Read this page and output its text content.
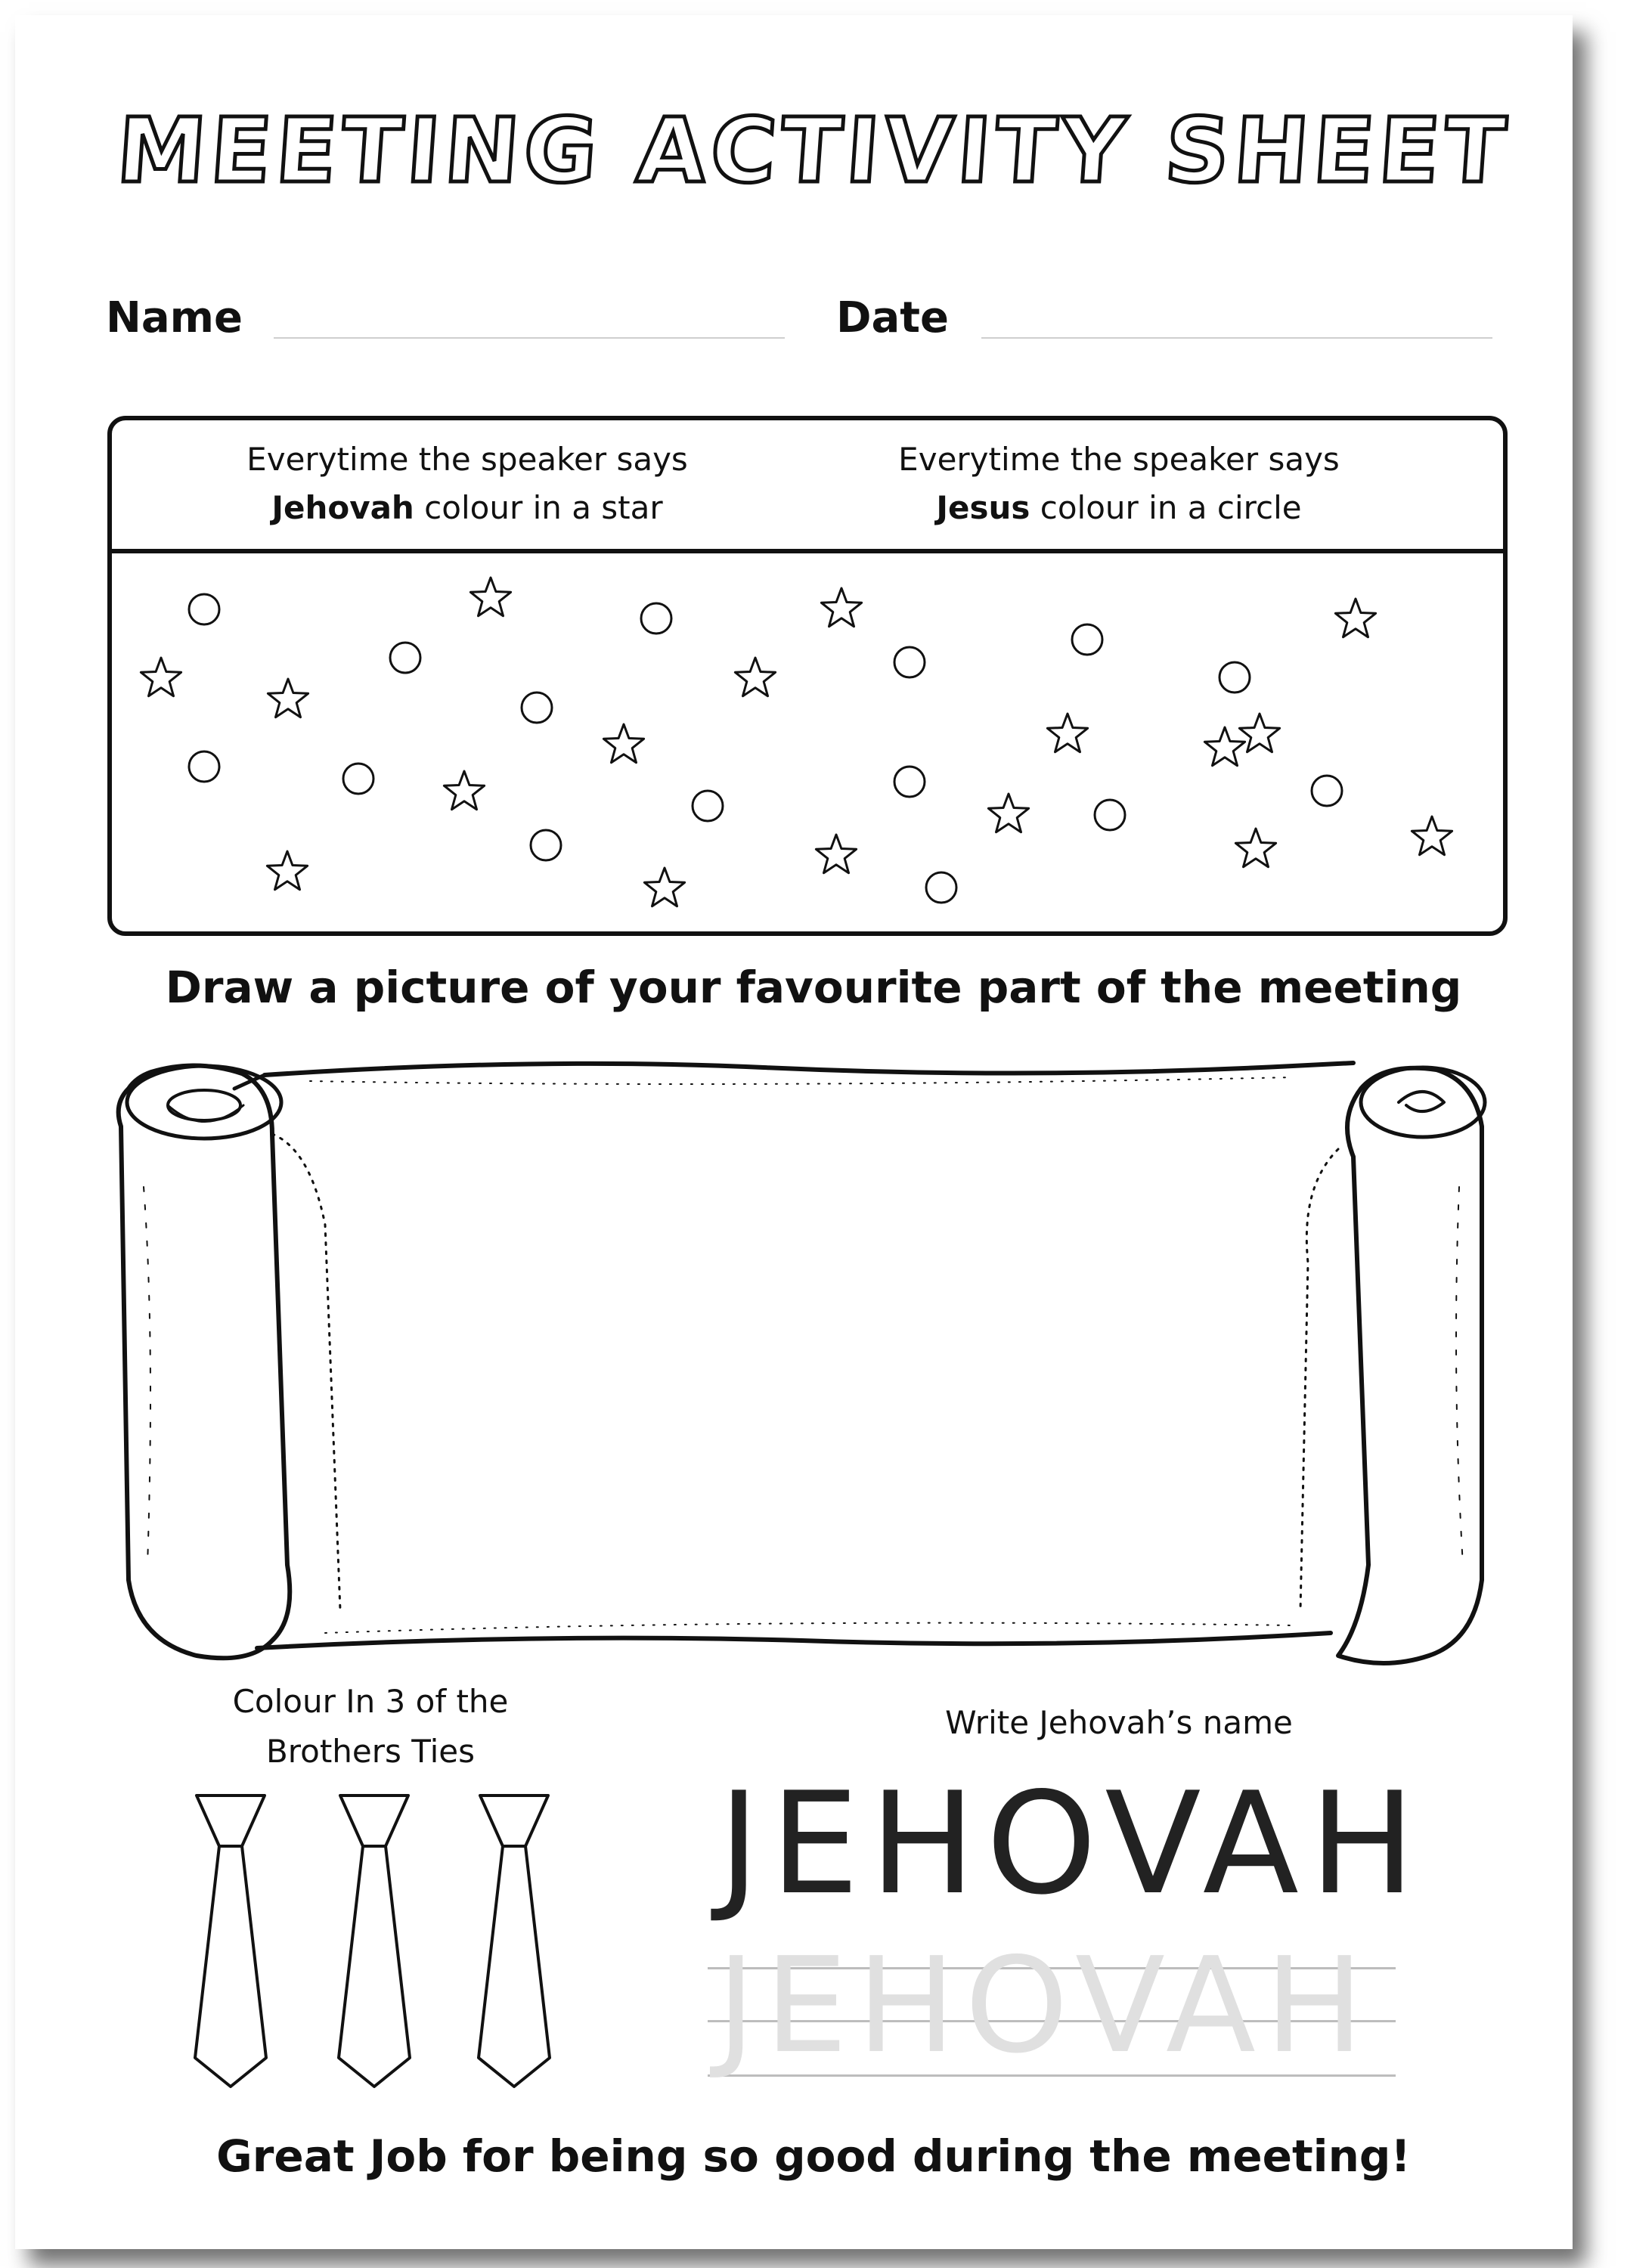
MEETING ACTIVITY SHEET
Name	Date
Everytime the speaker says
Jehovah colour in a star
Everytime the speaker says
Jesus colour in a circle
Draw a picture of your favourite part of the meeting
Colour In 3 of the
Brothers Ties
Write Jehovah’s name
JEHOVAH
JEHOVAH
Great Job for being so good during the meeting!
